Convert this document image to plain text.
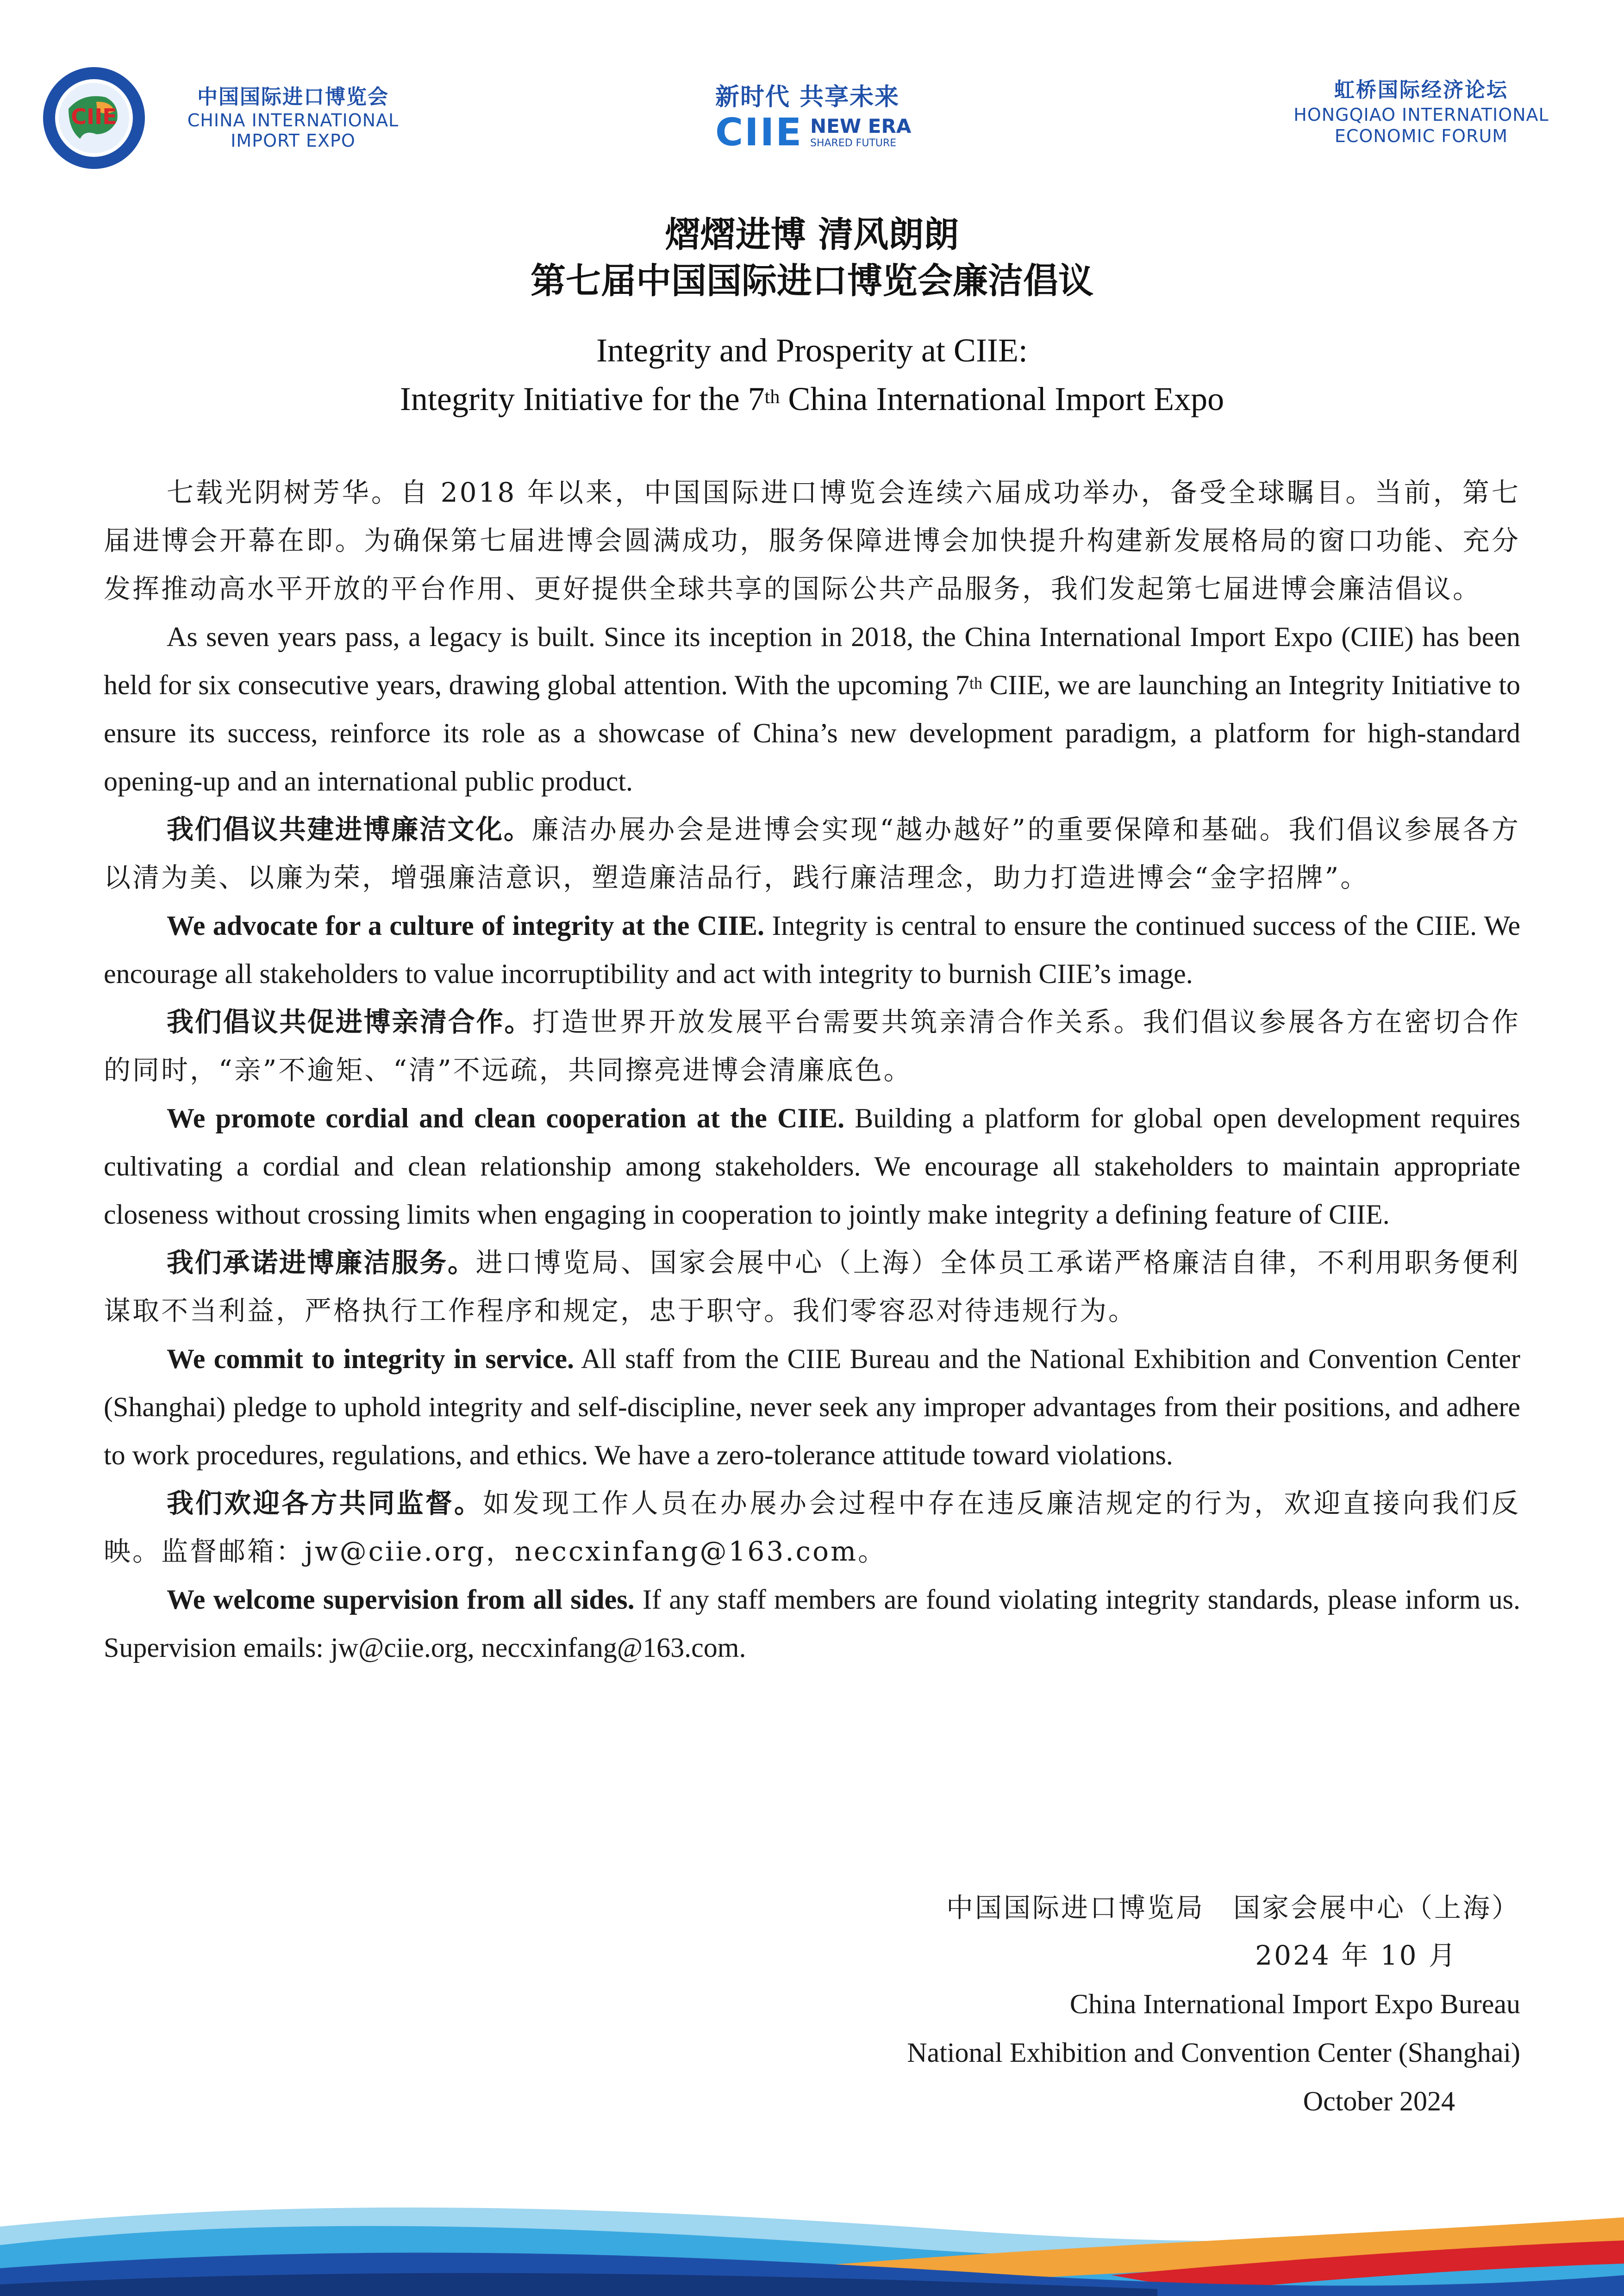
CIIE
中国国际进口博览会
CHINA INTERNATIONAL
IMPORT EXPO
新时代 共享未来
CIIE NEW ERA
SHARED FUTURE
虹桥国际经济论坛
HONGQIAO INTERNATIONAL
ECONOMIC FORUM
熠熠进博 清风朗朗
第七届中国国际进口博览会廉洁倡议
Integrity and Prosperity at CIIE:
Integrity Initiative for the 7th China International Import Expo

七载光阴树芳华。自 2018 年以来，中国国际进口博览会连续六届成功举办，备受全球瞩目。当前，第七届进博会开幕在即。为确保第七届进博会圆满成功，服务保障进博会加快提升构建新发展格局的窗口功能、充分发挥推动高水平开放的平台作用、更好提供全球共享的国际公共产品服务，我们发起第七届进博会廉洁倡议。

As seven years pass, a legacy is built. Since its inception in 2018, the China International Import Expo (CIIE) has been held for six consecutive years, drawing global attention. With the upcoming 7th CIIE, we are launching an Integrity Initiative to ensure its success, reinforce its role as a showcase of China’s new development paradigm, a platform for high-standard opening-up and an international public product.

我们倡议共建进博廉洁文化。廉洁办展办会是进博会实现“越办越好”的重要保障和基础。我们倡议参展各方以清为美、以廉为荣，增强廉洁意识，塑造廉洁品行，践行廉洁理念，助力打造进博会“金字招牌”。

We advocate for a culture of integrity at the CIIE. Integrity is central to ensure the continued success of the CIIE. We encourage all stakeholders to value incorruptibility and act with integrity to burnish CIIE’s image.

我们倡议共促进博亲清合作。打造世界开放发展平台需要共筑亲清合作关系。我们倡议参展各方在密切合作的同时，“亲”不逾矩、“清”不远疏，共同擦亮进博会清廉底色。

We promote cordial and clean cooperation at the CIIE. Building a platform for global open development requires cultivating a cordial and clean relationship among stakeholders. We encourage all stakeholders to maintain appropriate closeness without crossing limits when engaging in cooperation to jointly make integrity a defining feature of CIIE.

我们承诺进博廉洁服务。进口博览局、国家会展中心（上海）全体员工承诺严格廉洁自律，不利用职务便利谋取不当利益，严格执行工作程序和规定，忠于职守。我们零容忍对待违规行为。

We commit to integrity in service. All staff from the CIIE Bureau and the National Exhibition and Convention Center (Shanghai) pledge to uphold integrity and self-discipline, never seek any improper advantages from their positions, and adhere to work procedures, regulations, and ethics. We have a zero-tolerance attitude toward violations.

我们欢迎各方共同监督。如发现工作人员在办展办会过程中存在违反廉洁规定的行为，欢迎直接向我们反映。监督邮箱：jw@ciie.org，neccxinfang@163.com。

We welcome supervision from all sides. If any staff members are found violating integrity standards, please inform us. Supervision emails: jw@ciie.org, neccxinfang@163.com.

中国国际进口博览局　国家会展中心（上海）
2024 年 10 月
China International Import Expo Bureau
National Exhibition and Convention Center (Shanghai)
October 2024
